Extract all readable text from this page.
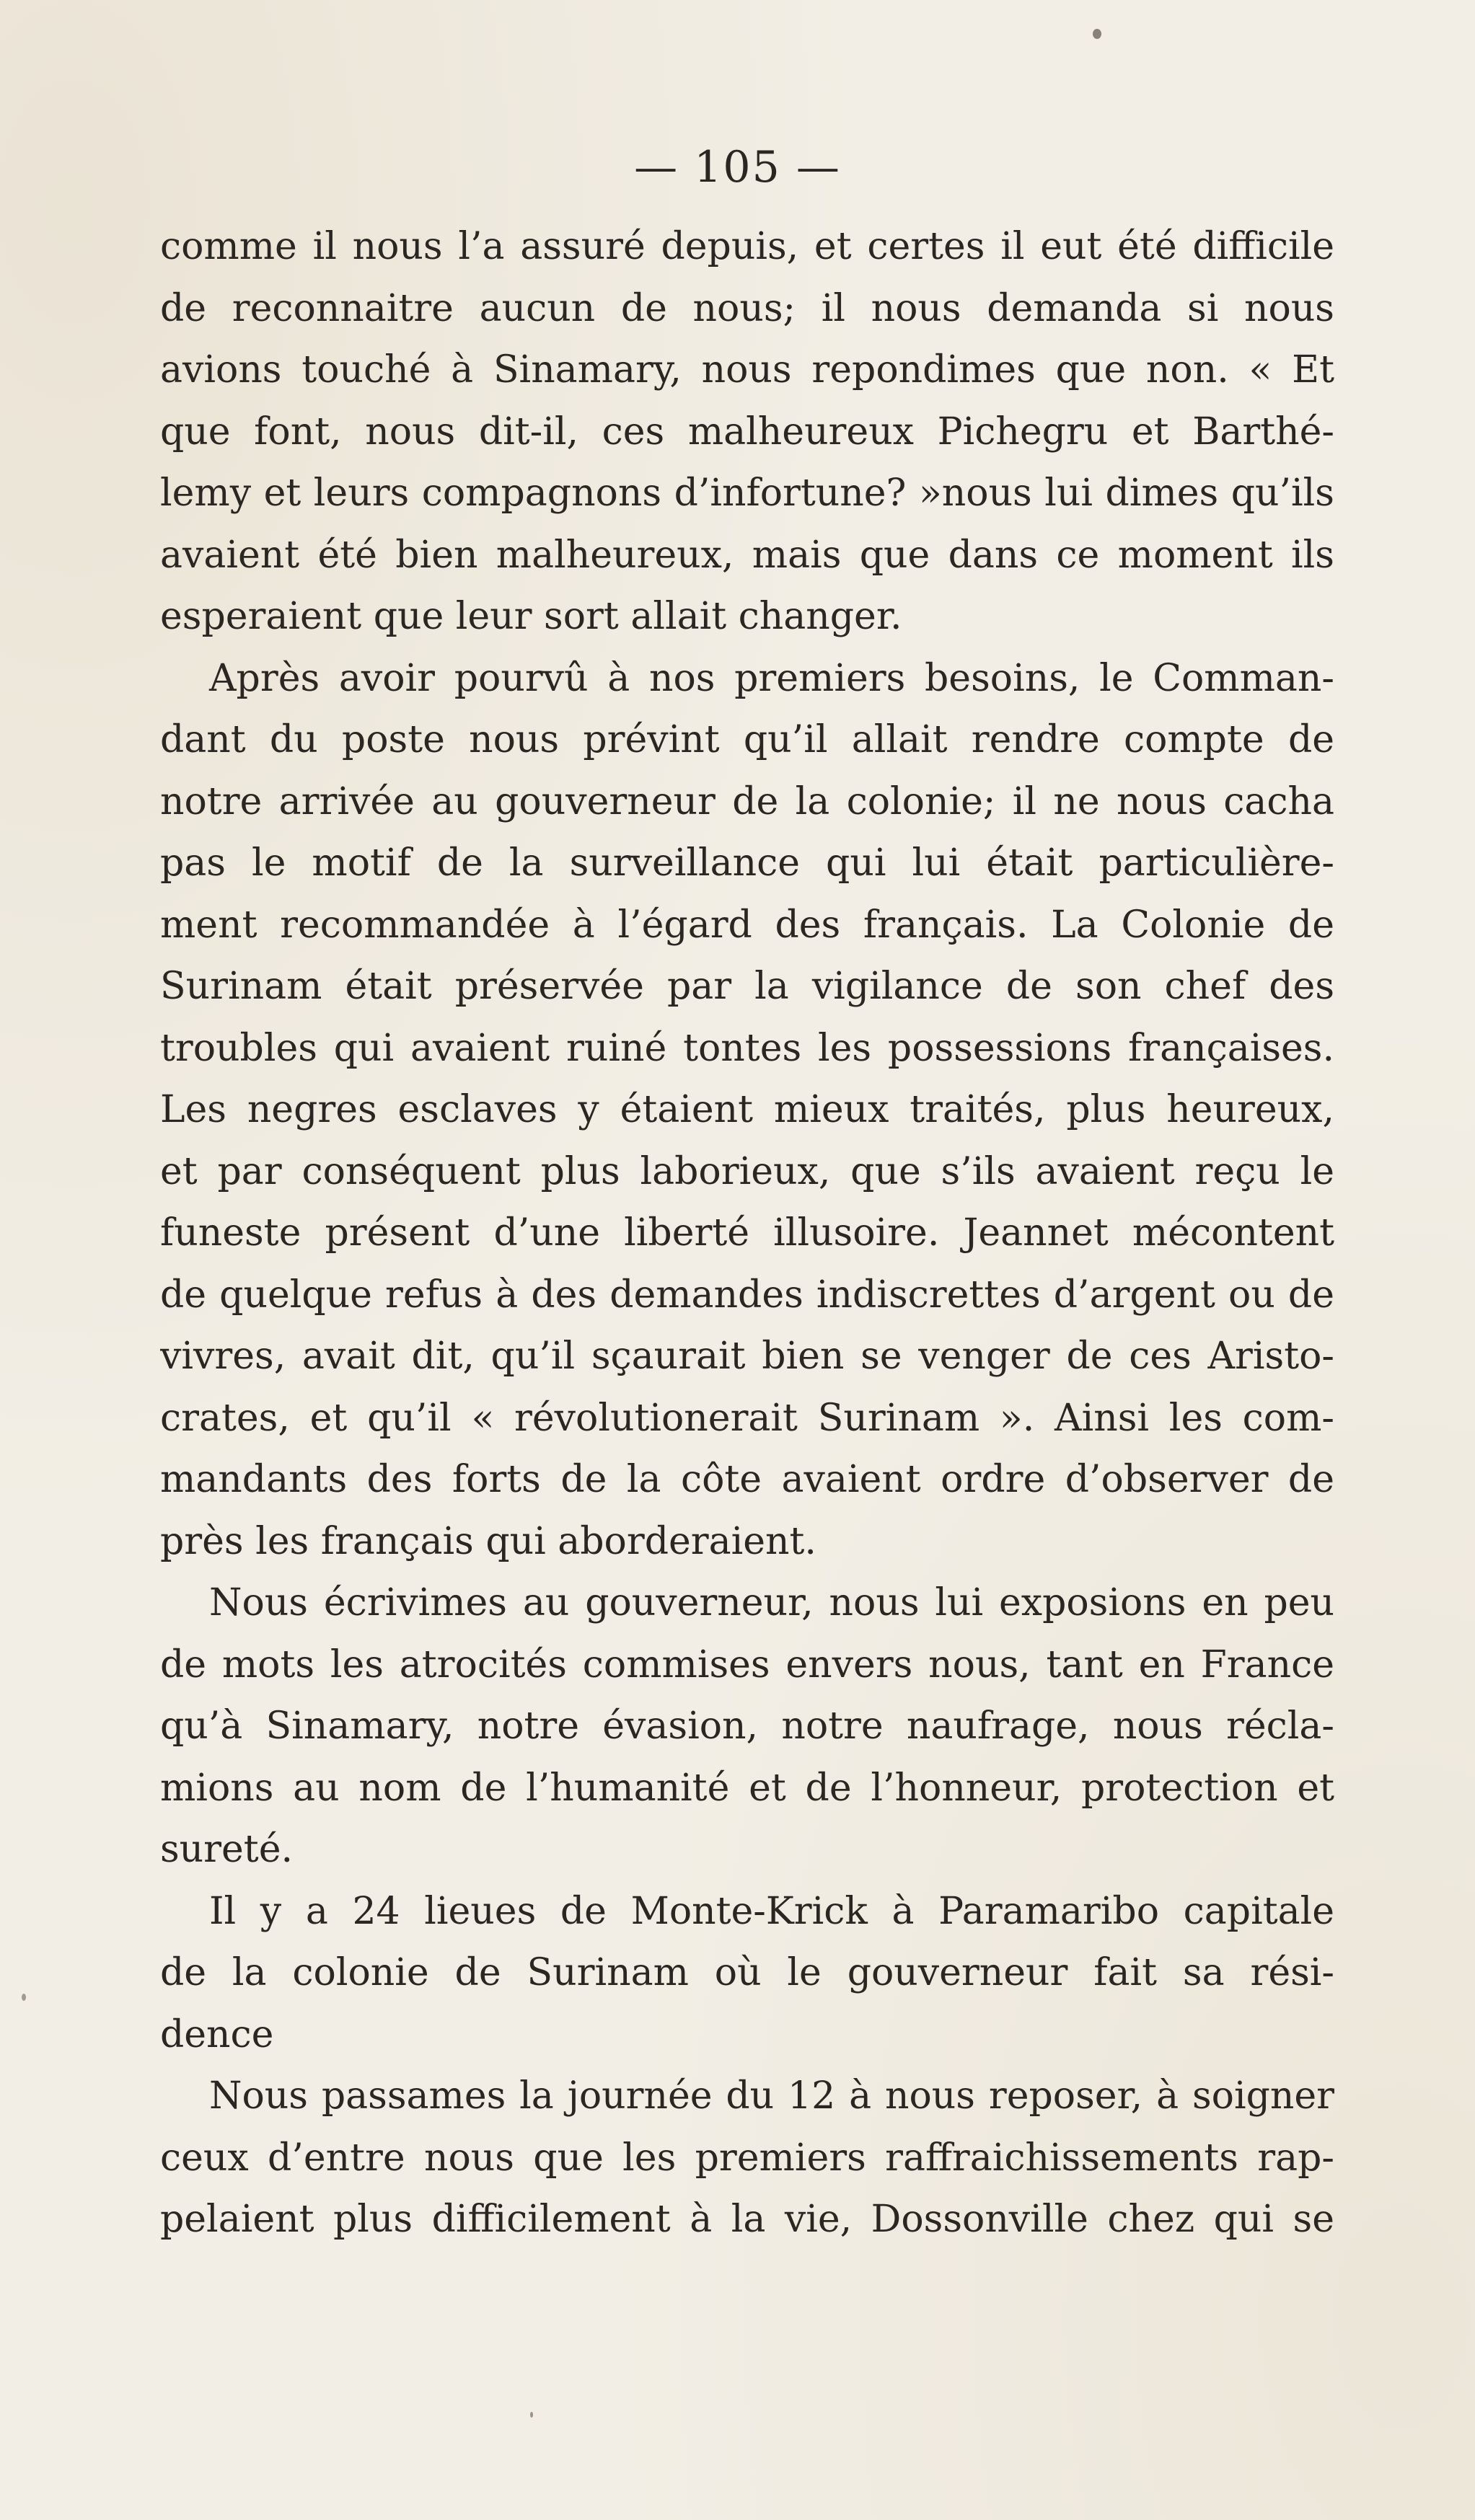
— 105 —
comme il nous l’a assuré depuis, et certes il eut été difficile
de reconnaitre aucun de nous; il nous demanda si nous
avions touché à Sinamary, nous repondimes que non. « Et
que font, nous dit-il, ces malheureux Pichegru et Barthé-
lemy et leurs compagnons d’infortune? »nous lui dimes qu’ils
avaient été bien malheureux, mais que dans ce moment ils
esperaient que leur sort allait changer.
Après avoir pourvû à nos premiers besoins, le Comman-
dant du poste nous prévint qu’il allait rendre compte de
notre arrivée au gouverneur de la colonie; il ne nous cacha
pas le motif de la surveillance qui lui était particulière-
ment recommandée à l’égard des français. La Colonie de
Surinam était préservée par la vigilance de son chef des
troubles qui avaient ruiné tontes les possessions françaises.
Les negres esclaves y étaient mieux traités, plus heureux,
et par conséquent plus laborieux, que s’ils avaient reçu le
funeste présent d’une liberté illusoire. Jeannet mécontent
de quelque refus à des demandes indiscrettes d’argent ou de
vivres, avait dit, qu’il sçaurait bien se venger de ces Aristo-
crates, et qu’il « révolutionerait Surinam ». Ainsi les com-
mandants des forts de la côte avaient ordre d’observer de
près les français qui aborderaient.
Nous écrivimes au gouverneur, nous lui exposions en peu
de mots les atrocités commises envers nous, tant en France
qu’à Sinamary, notre évasion, notre naufrage, nous récla-
mions au nom de l’humanité et de l’honneur, protection et
sureté.
Il y a 24 lieues de Monte-Krick à Paramaribo capitale
de la colonie de Surinam où le gouverneur fait sa rési-
dence
Nous passames la journée du 12 à nous reposer, à soigner
ceux d’entre nous que les premiers raffraichissements rap-
pelaient plus difficilement à la vie, Dossonville chez qui se
